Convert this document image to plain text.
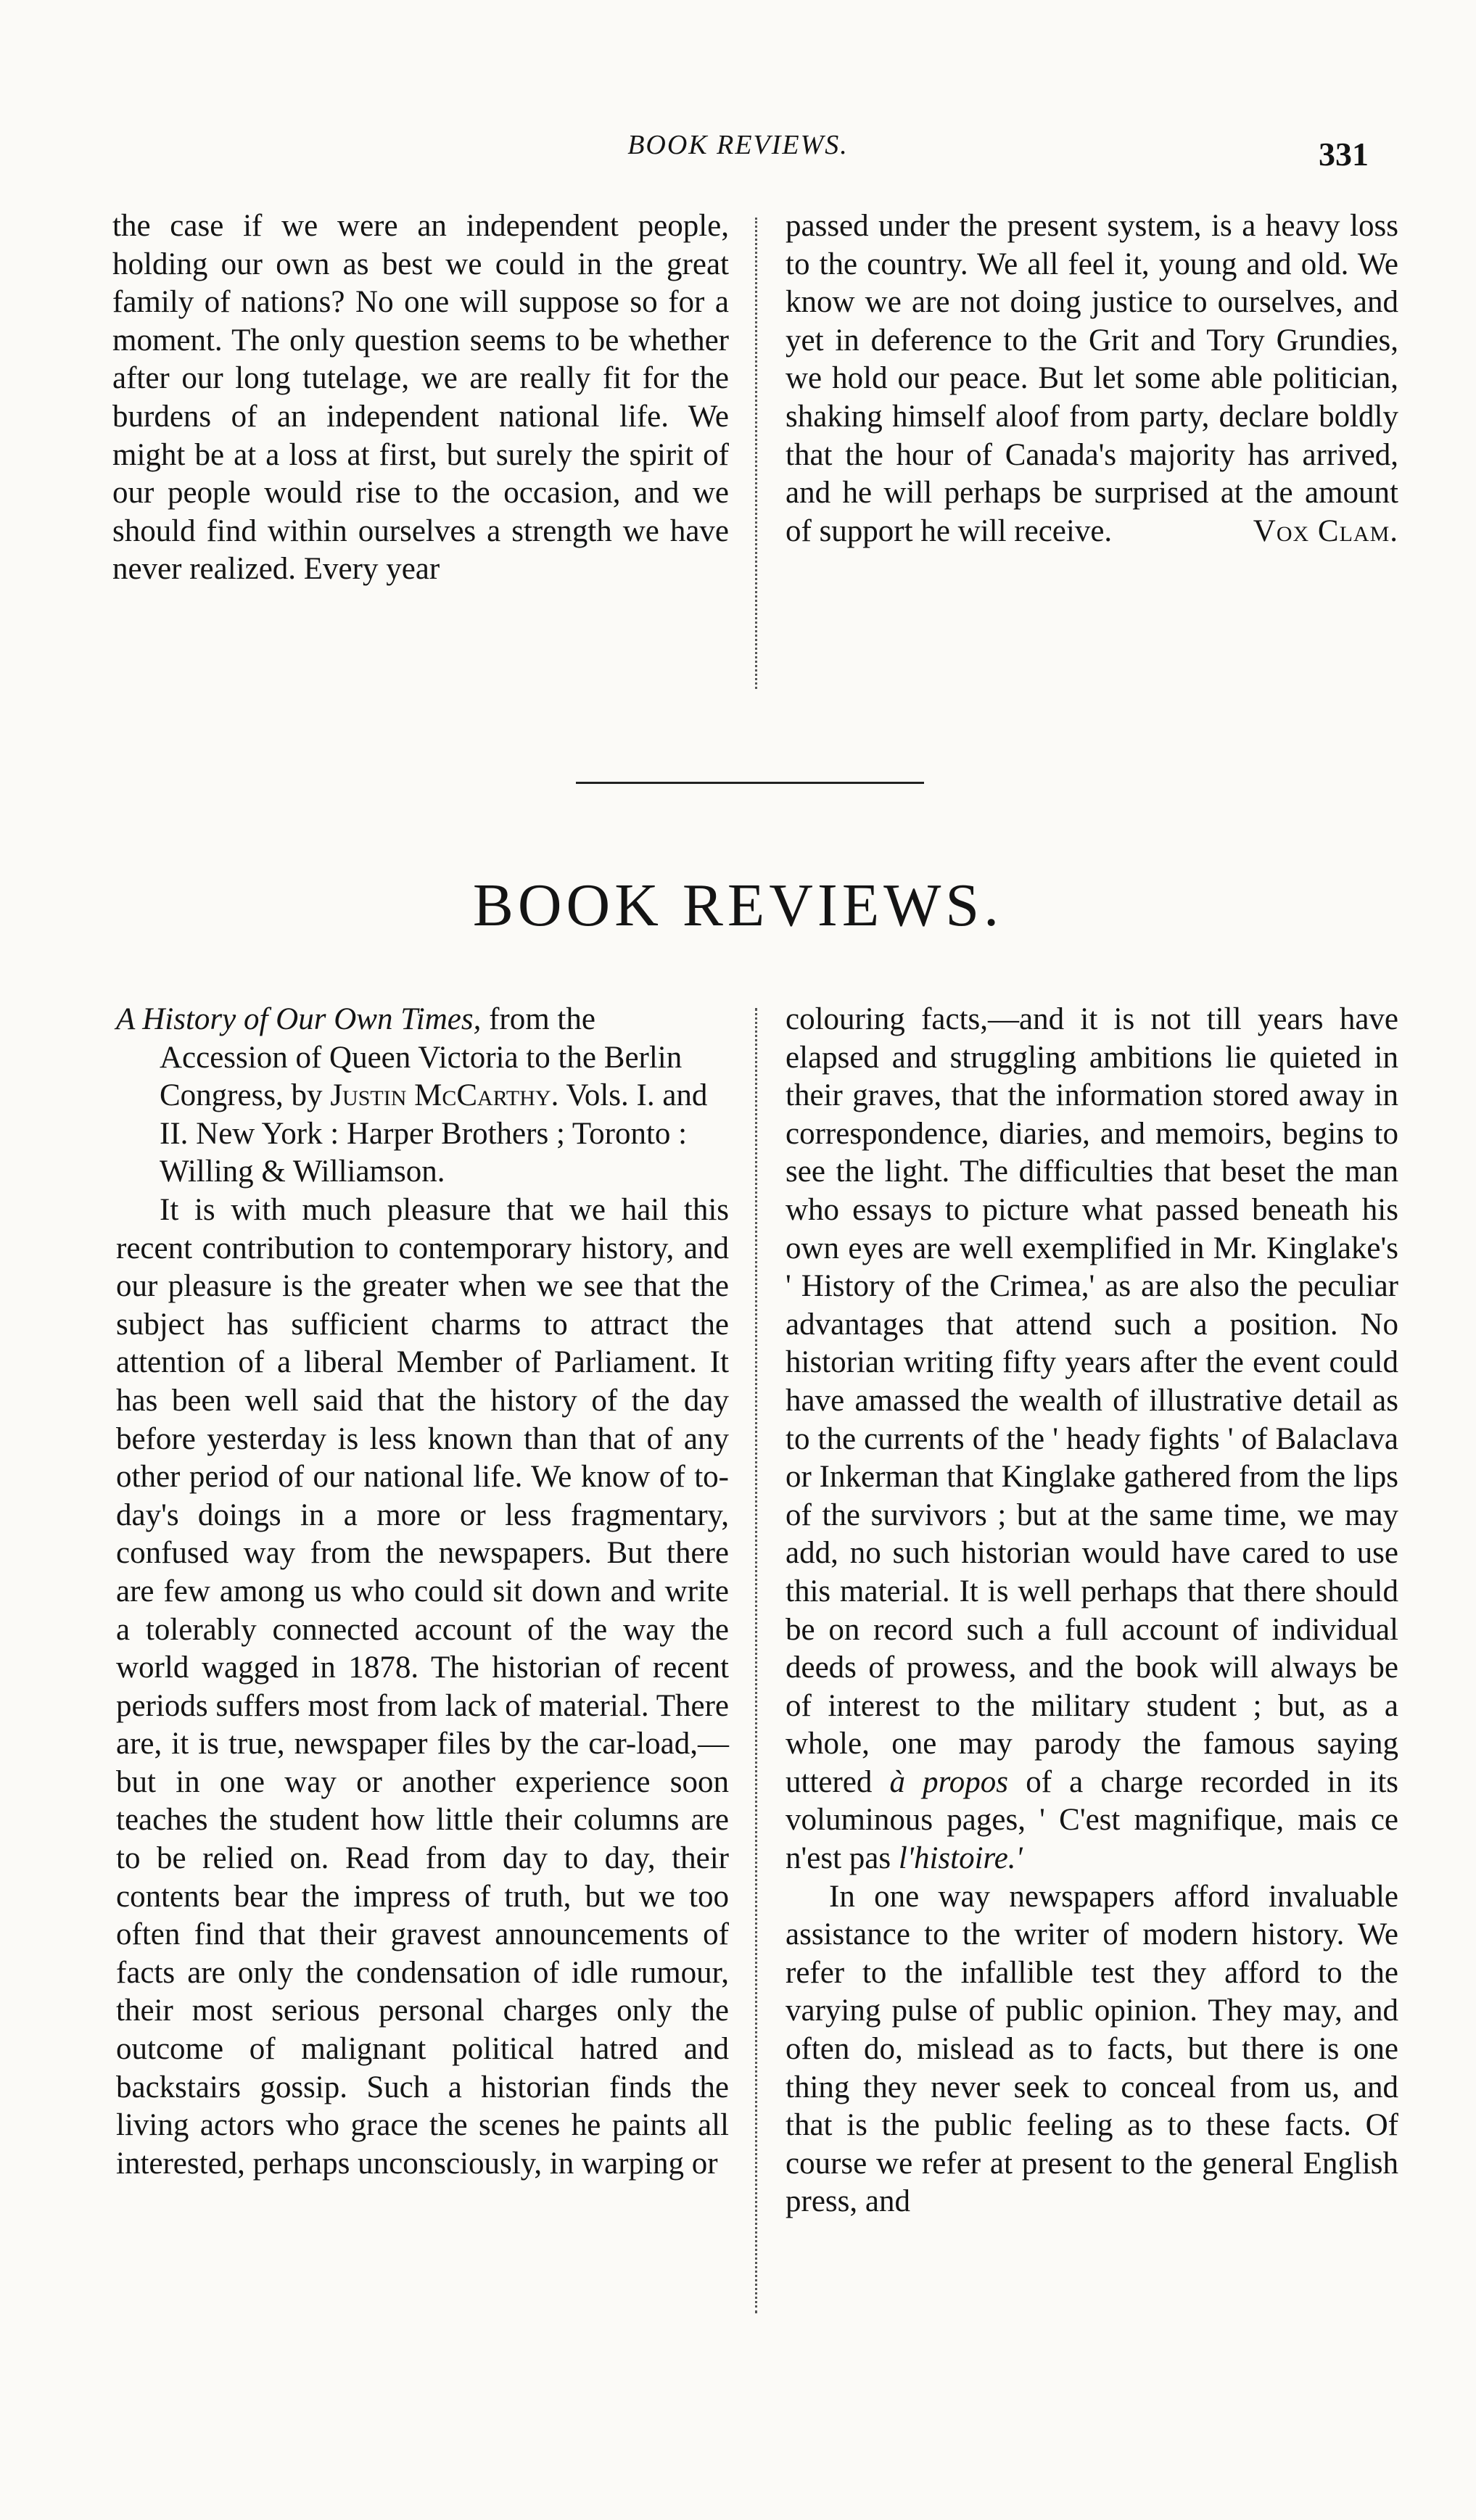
BOOK REVIEWS.	331

the case if we were an independent people, holding our own as best we could in the great family of nations? No one will suppose so for a moment. The only question seems to be whether after our long tutelage, we are really fit for the burdens of an independent national life. We might be at a loss at first, but surely the spirit of our people would rise to the occasion, and we should find within ourselves a strength we have never realized. Every year

passed under the present system, is a heavy loss to the country. We all feel it, young and old. We know we are not doing justice to ourselves, and yet in deference to the Grit and Tory Grundies, we hold our peace. But let some able politician, shaking himself aloof from party, declare boldly that the hour of Canada's majority has arrived, and he will perhaps be surprised at the amount of support he will receive.	Vox Clam.

BOOK REVIEWS.

A History of Our Own Times, from the Accession of Queen Victoria to the Berlin Congress, by Justin McCarthy. Vols. I. and II. New York : Harper Brothers ; Toronto : Willing & Williamson.

It is with much pleasure that we hail this recent contribution to contemporary history, and our pleasure is the greater when we see that the subject has sufficient charms to attract the attention of a liberal Member of Parliament. It has been well said that the history of the day before yesterday is less known than that of any other period of our national life. We know of to-day's doings in a more or less fragmentary, confused way from the newspapers. But there are few among us who could sit down and write a tolerably connected account of the way the world wagged in 1878. The historian of recent periods suffers most from lack of material. There are, it is true, newspaper files by the car-load,— but in one way or another experience soon teaches the student how little their columns are to be relied on. Read from day to day, their contents bear the impress of truth, but we too often find that their gravest announcements of facts are only the condensation of idle rumour, their most serious personal charges only the outcome of malignant political hatred and backstairs gossip. Such a historian finds the living actors who grace the scenes he paints all interested, perhaps unconsciously, in warping or

colouring facts,—and it is not till years have elapsed and struggling ambitions lie quieted in their graves, that the information stored away in correspondence, diaries, and memoirs, begins to see the light. The difficulties that beset the man who essays to picture what passed beneath his own eyes are well exemplified in Mr. Kinglake's ' History of the Crimea,' as are also the peculiar advantages that attend such a position. No historian writing fifty years after the event could have amassed the wealth of illustrative detail as to the currents of the ' heady fights ' of Balaclava or Inkerman that Kinglake gathered from the lips of the survivors ; but at the same time, we may add, no such historian would have cared to use this material. It is well perhaps that there should be on record such a full account of individual deeds of prowess, and the book will always be of interest to the military student ; but, as a whole, one may parody the famous saying uttered à propos of a charge recorded in its voluminous pages, ' C'est magnifique, mais ce n'est pas l'histoire.'

In one way newspapers afford invaluable assistance to the writer of modern history. We refer to the infallible test they afford to the varying pulse of public opinion. They may, and often do, mislead as to facts, but there is one thing they never seek to conceal from us, and that is the public feeling as to these facts. Of course we refer at present to the general English press, and
